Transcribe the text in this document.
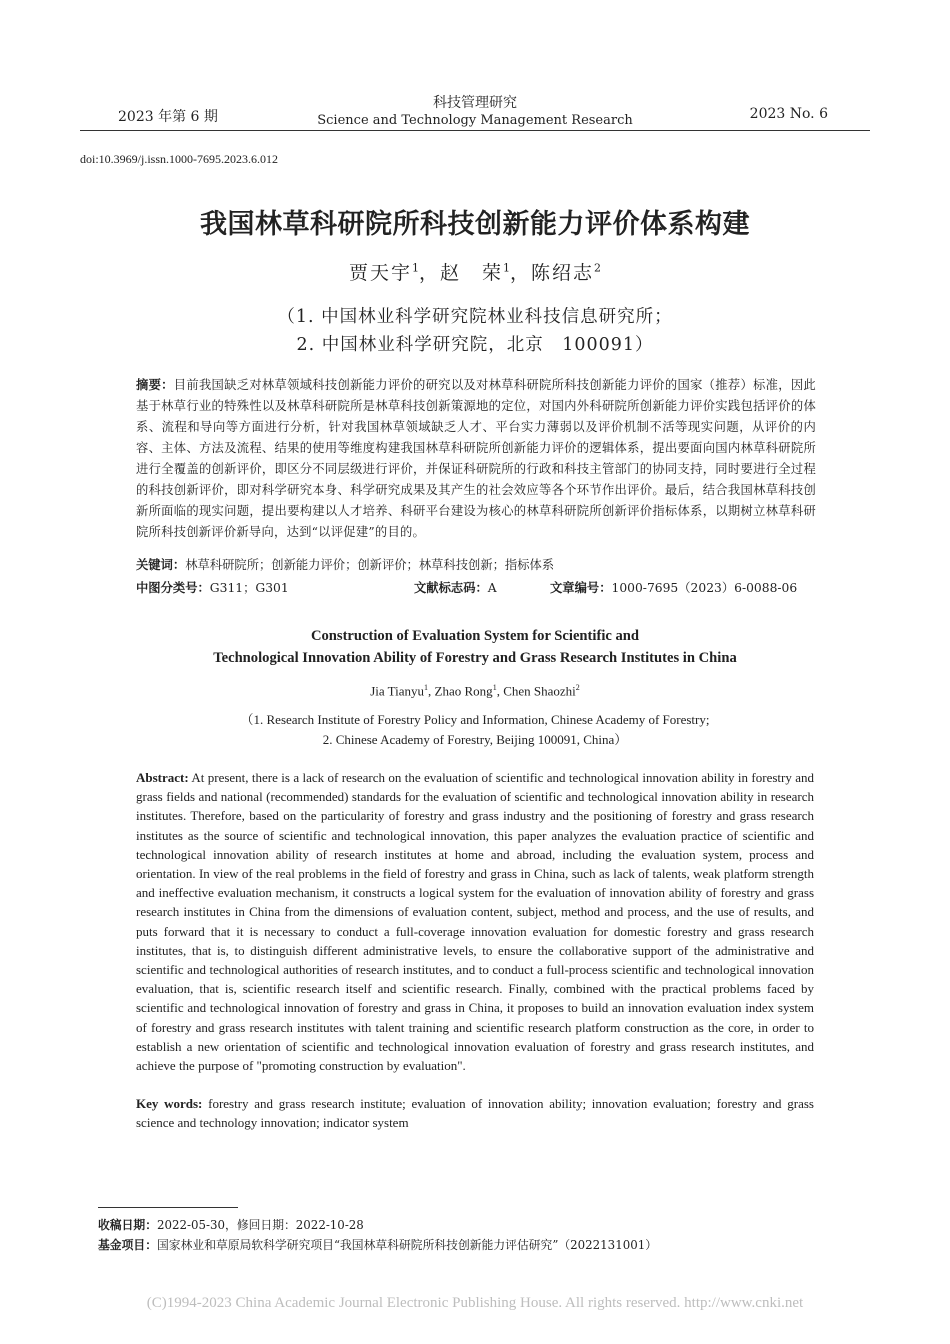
2023 年第 6 期
科技管理研究
Science and Technology Management Research	2023 No. 6
doi:10.3969/j.issn.1000-7695.2023.6.012
我国林草科研院所科技创新能力评价体系构建
贾天宇$^1$，赵　荣$^1$，陈绍志$^2$
（1. 中国林业科学研究院林业科技信息研究所；
2. 中国林业科学研究院，北京　100091）
摘要：目前我国缺乏对林草领域科技创新能力评价的研究以及对林草科研院所科技创新能力评价的国家（推荐）标准，因此基于林草行业的特殊性以及林草科研院所是林草科技创新策源地的定位，对国内外科研院所创新能力评价实践包括评价的体系、流程和导向等方面进行分析，针对我国林草领域缺乏人才、平台实力薄弱以及评价机制不活等现实问题，从评价的内容、主体、方法及流程、结果的使用等维度构建我国林草科研院所创新能力评价的逻辑体系，提出要面向国内林草科研院所进行全覆盖的创新评价，即区分不同层级进行评价，并保证科研院所的行政和科技主管部门的协同支持，同时要进行全过程的科技创新评价，即对科学研究本身、科学研究成果及其产生的社会效应等各个环节作出评价。最后，结合我国林草科技创新所面临的现实问题，提出要构建以人才培养、科研平台建设为核心的林草科研院所创新评价指标体系，以期树立林草科研院所科技创新评价新导向，达到“以评促建”的目的。
关键词：林草科研院所；创新能力评价；创新评价；林草科技创新；指标体系
中图分类号：G311；G301	文献标志码：A	文章编号：1000-7695（2023）6-0088-06
Construction of Evaluation System for Scientific and
Technological Innovation Ability of Forestry and Grass Research Institutes in China
Jia Tianyu$^1$, Zhao Rong$^1$, Chen Shaozhi$^2$
（1. Research Institute of Forestry Policy and Information, Chinese Academy of Forestry;
2. Chinese Academy of Forestry, Beijing 100091, China）
Abstract: At present, there is a lack of research on the evaluation of scientific and technological innovation ability in forestry and grass fields and national (recommended) standards for the evaluation of scientific and technological innovation ability in research institutes. Therefore, based on the particularity of forestry and grass industry and the positioning of forestry and grass research institutes as the source of scientific and technological innovation, this paper analyzes the evaluation practice of scientific and technological innovation ability of research institutes at home and abroad, including the evaluation system, process and orientation. In view of the real problems in the field of forestry and grass in China, such as lack of talents, weak platform strength and ineffective evaluation mechanism, it constructs a logical system for the evaluation of innovation ability of forestry and grass research institutes in China from the dimensions of evaluation content, subject, method and process, and the use of results, and puts forward that it is necessary to conduct a full-coverage innovation evaluation for domestic forestry and grass research institutes, that is, to distinguish different administrative levels, to ensure the collaborative support of the administrative and scientific and technological authorities of research institutes, and to conduct a full-process scientific and technological innovation evaluation, that is, scientific research itself and scientific research. Finally, combined with the practical problems faced by scientific and technological innovation of forestry and grass in China, it proposes to build an innovation evaluation index system of forestry and grass research institutes with talent training and scientific research platform construction as the core, in order to establish a new orientation of scientific and technological innovation evaluation of forestry and grass research institutes, and achieve the purpose of "promoting construction by evaluation".
Key words: forestry and grass research institute; evaluation of innovation ability; innovation evaluation; forestry and grass science and technology innovation; indicator system
收稿日期：2022-05-30，修回日期：2022-10-28
基金项目：国家林业和草原局软科学研究项目“我国林草科研院所科技创新能力评估研究”（2022131001）
(C)1994-2023 China Academic Journal Electronic Publishing House. All rights reserved. http://www.cnki.net
